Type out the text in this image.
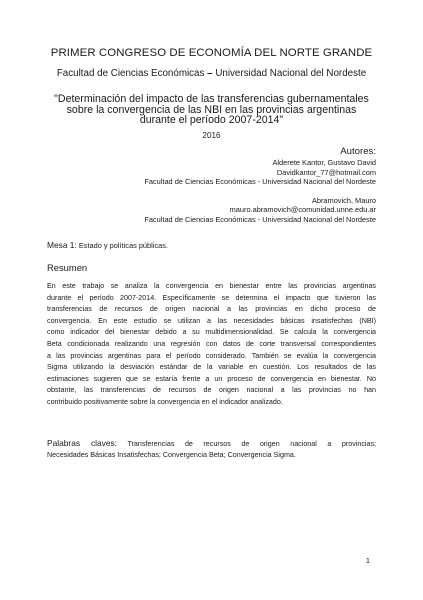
PRIMER CONGRESO DE ECONOMÍA DEL NORTE GRANDE
Facultad de Ciencias Económicas – Universidad Nacional del Nordeste
"Determinación del impacto de las transferencias gubernamentales
sobre la convergencia de las NBI en las provincias argentinas
durante el período 2007-2014"
2016
Autores:
Alderete Kantor, Gustavo David
Davidkantor_77@hotmail.com
Facultad de Ciencias Económicas - Universidad Nacional del Nordeste
Abramovich, Mauro
mauro.abramovich@comunidad.unne.edu.ar
Facultad de Ciencias Económicas - Universidad Nacional del Nordeste
Mesa 1: Estado y políticas públicas.
Resumen
En este trabajo se analiza la convergencia en bienestar entre las provincias argentinas
durante el período 2007-2014. Específicamente se determina el impacto que tuvieron las
transferencias de recursos de origen nacional a las provincias en dicho proceso de
convergencia. En este estudio se utilizan a las necesidades básicas insatisfechas (NBI)
como indicador del bienestar debido a su multidimensionalidad. Se calcula la convergencia
Beta condicionada realizando una regresión con datos de corte transversal correspondientes
a las provincias argentinas para el período considerado. También se evalúa la convergencia
Sigma utilizando la desviación estándar de la variable en cuestión. Los resultados de las
estimaciones sugieren que se estaría frente a un proceso de convergencia en bienestar. No
obstante, las transferencias de recursos de origen nacional a las provincias no han
contribuido positivamente sobre la convergencia en el indicador analizado.
Palabras claves: Transferencias de recursos de origen nacional a provincias;
Necesidades Básicas Insatisfechas; Convergencia Beta; Convergencia Sigma.
1
